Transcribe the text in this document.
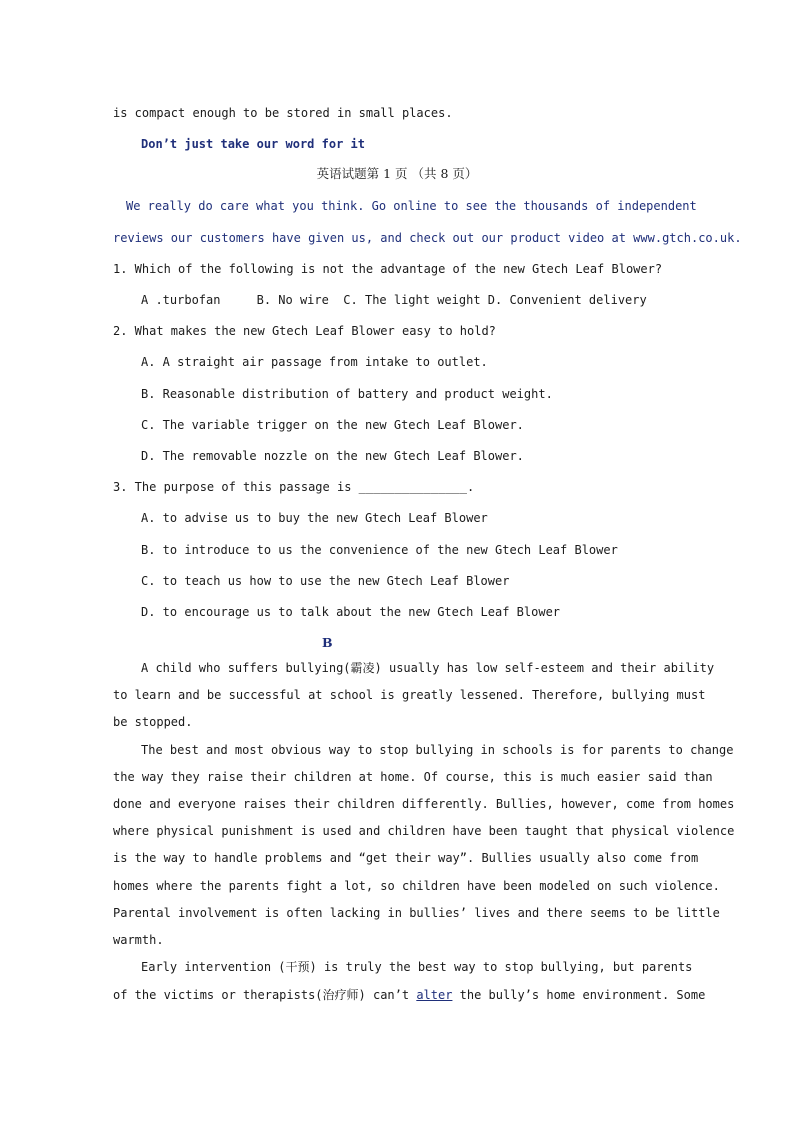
is compact enough to be stored in small places.
Don’t just take our word for it
英语试题第 1 页 （共 8 页）
We really do care what you think. Go online to see the thousands of independent
reviews our customers have given us, and check out our product video at www.gtch.co.uk.
1. Which of the following is not the advantage of the new Gtech Leaf Blower?
A .turbofan     B. No wire  C. The light weight D. Convenient delivery
2. What makes the new Gtech Leaf Blower easy to hold?
A. A straight air passage from intake to outlet.
B. Reasonable distribution of battery and product weight.
C. The variable trigger on the new Gtech Leaf Blower.
D. The removable nozzle on the new Gtech Leaf Blower.
3. The purpose of this passage is _______________.
A. to advise us to buy the new Gtech Leaf Blower
B. to introduce to us the convenience of the new Gtech Leaf Blower
C. to teach us how to use the new Gtech Leaf Blower
D. to encourage us to talk about the new Gtech Leaf Blower
B
A child who suffers bullying(霸凌) usually has low self-esteem and their ability
to learn and be successful at school is greatly lessened. Therefore, bullying must
be stopped.
The best and most obvious way to stop bullying in schools is for parents to change
the way they raise their children at home. Of course, this is much easier said than
done and everyone raises their children differently. Bullies, however, come from homes
where physical punishment is used and children have been taught that physical violence
is the way to handle problems and “get their way”. Bullies usually also come from
homes where the parents fight a lot, so children have been modeled on such violence.
Parental involvement is often lacking in bullies’ lives and there seems to be little
warmth.
Early intervention (干预) is truly the best way to stop bullying, but parents
of the victims or therapists(治疗师) can’t alter the bully’s home environment. Some
